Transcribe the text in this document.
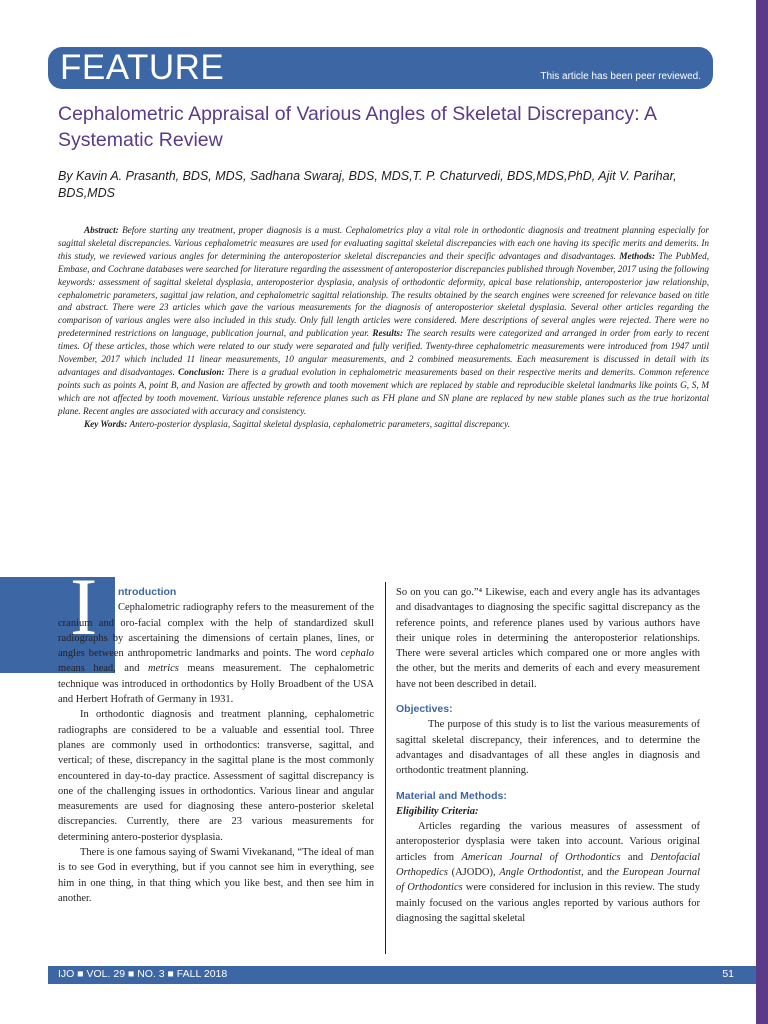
FEATURE	This article has been peer reviewed.
Cephalometric Appraisal of Various Angles of Skeletal Discrepancy: A Systematic Review
By Kavin A. Prasanth, BDS, MDS, Sadhana Swaraj, BDS, MDS,T. P. Chaturvedi, BDS,MDS,PhD, Ajit V. Parihar, BDS,MDS

Abstract: Before starting any treatment, proper diagnosis is a must. Cephalometrics play a vital role in orthodontic diagnosis and treatment planning especially for sagittal skeletal discrepancies. Various cephalometric measures are used for evaluating sagittal skeletal discrepancies with each one having its specific merits and demerits. In this study, we reviewed various angles for determining the anteroposterior skeletal discrepancies and their specific advantages and disadvantages. Methods: The PubMed, Embase, and Cochrane databases were searched for literature regarding the assessment of anteroposterior discrepancies published through November, 2017 using the following keywords: assessment of sagittal skeletal dysplasia, anteroposterior dysplasia, analysis of orthodontic deformity, apical base relationship, anteroposterior jaw relationship, cephalometric parameters, sagittal jaw relation, and cephalometric sagittal relationship. The results obtained by the search engines were screened for relevance based on title and abstract. There were 23 articles which gave the various measurements for the diagnosis of anteroposterior skeletal dysplasia. Several other articles regarding the comparison of various angles were also included in this study. Only full length articles were considered. Mere descriptions of several angles were rejected. There were no predetermined restrictions on language, publication journal, and publication year. Results: The search results were categorized and arranged in order from early to recent times. Of these articles, those which were related to our study were separated and fully verified. Twenty-three cephalometric measurements were introduced from 1947 until November, 2017 which included 11 linear measurements, 10 angular measurements, and 2 combined measurements. Each measurement is discussed in detail with its advantages and disadvantages. Conclusion: There is a gradual evolution in cephalometric measurements based on their respective merits and demerits. Common reference points such as points A, point B, and Nasion are affected by growth and tooth movement which are replaced by stable and reproducible skeletal landmarks like points G, S, M which are not affected by tooth movement. Various unstable reference planes such as FH plane and SN plane are replaced by new stable planes such as the true horizontal plane. Recent angles are associated with accuracy and consistency.

Key Words: Antero-posterior dysplasia, Sagittal skeletal dysplasia, cephalometric parameters, sagittal discrepancy.

I ntroduction

Cephalometric radiography refers to the measurement of the cranium and oro-facial complex with the help of standardized skull radiographs by ascertaining the dimensions of certain planes, lines, or angles between anthropometric landmarks and points. The word cephalo means head, and metrics means measurement. The cephalometric technique was introduced in orthodontics by Holly Broadbent of the USA and Herbert Hofrath of Germany in 1931.

In orthodontic diagnosis and treatment planning, cephalometric radiographs are considered to be a valuable and essential tool. Three planes are commonly used in orthodontics: transverse, sagittal, and vertical; of these, discrepancy in the sagittal plane is the most commonly encountered in day-to-day practice. Assessment of sagittal discrepancy is one of the challenging issues in orthodontics. Various linear and angular measurements are used for diagnosing these antero-posterior skeletal discrepancies. Currently, there are 23 various measurements for determining antero-posterior dysplasia.

There is one famous saying of Swami Vivekanand, “The ideal of man is to see God in everything, but if you cannot see him in everything, see him in one thing, in that thing which you like best, and then see him in another.

So on you can go.”⁴ Likewise, each and every angle has its advantages and disadvantages to diagnosing the specific sagittal discrepancy as the reference points, and reference planes used by various authors have their unique roles in determining the anteroposterior relationships. There were several articles which compared one or more angles with the other, but the merits and demerits of each and every measurement have not been described in detail.

Objectives:

The purpose of this study is to list the various measurements of sagittal skeletal discrepancy, their inferences, and to determine the advantages and disadvantages of all these angles in diagnosis and orthodontic treatment planning.

Material and Methods:
Eligibility Criteria:

Articles regarding the various measures of assessment of anteroposterior dysplasia were taken into account. Various original articles from American Journal of Orthodontics and Dentofacial Orthopedics (AJODO), Angle Orthodontist, and the European Journal of Orthodontics were considered for inclusion in this review. The study mainly focused on the various angles reported by various authors for diagnosing the sagittal skeletal

IJO ■ VOL. 29 ■ NO. 3 ■ FALL 2018	51
